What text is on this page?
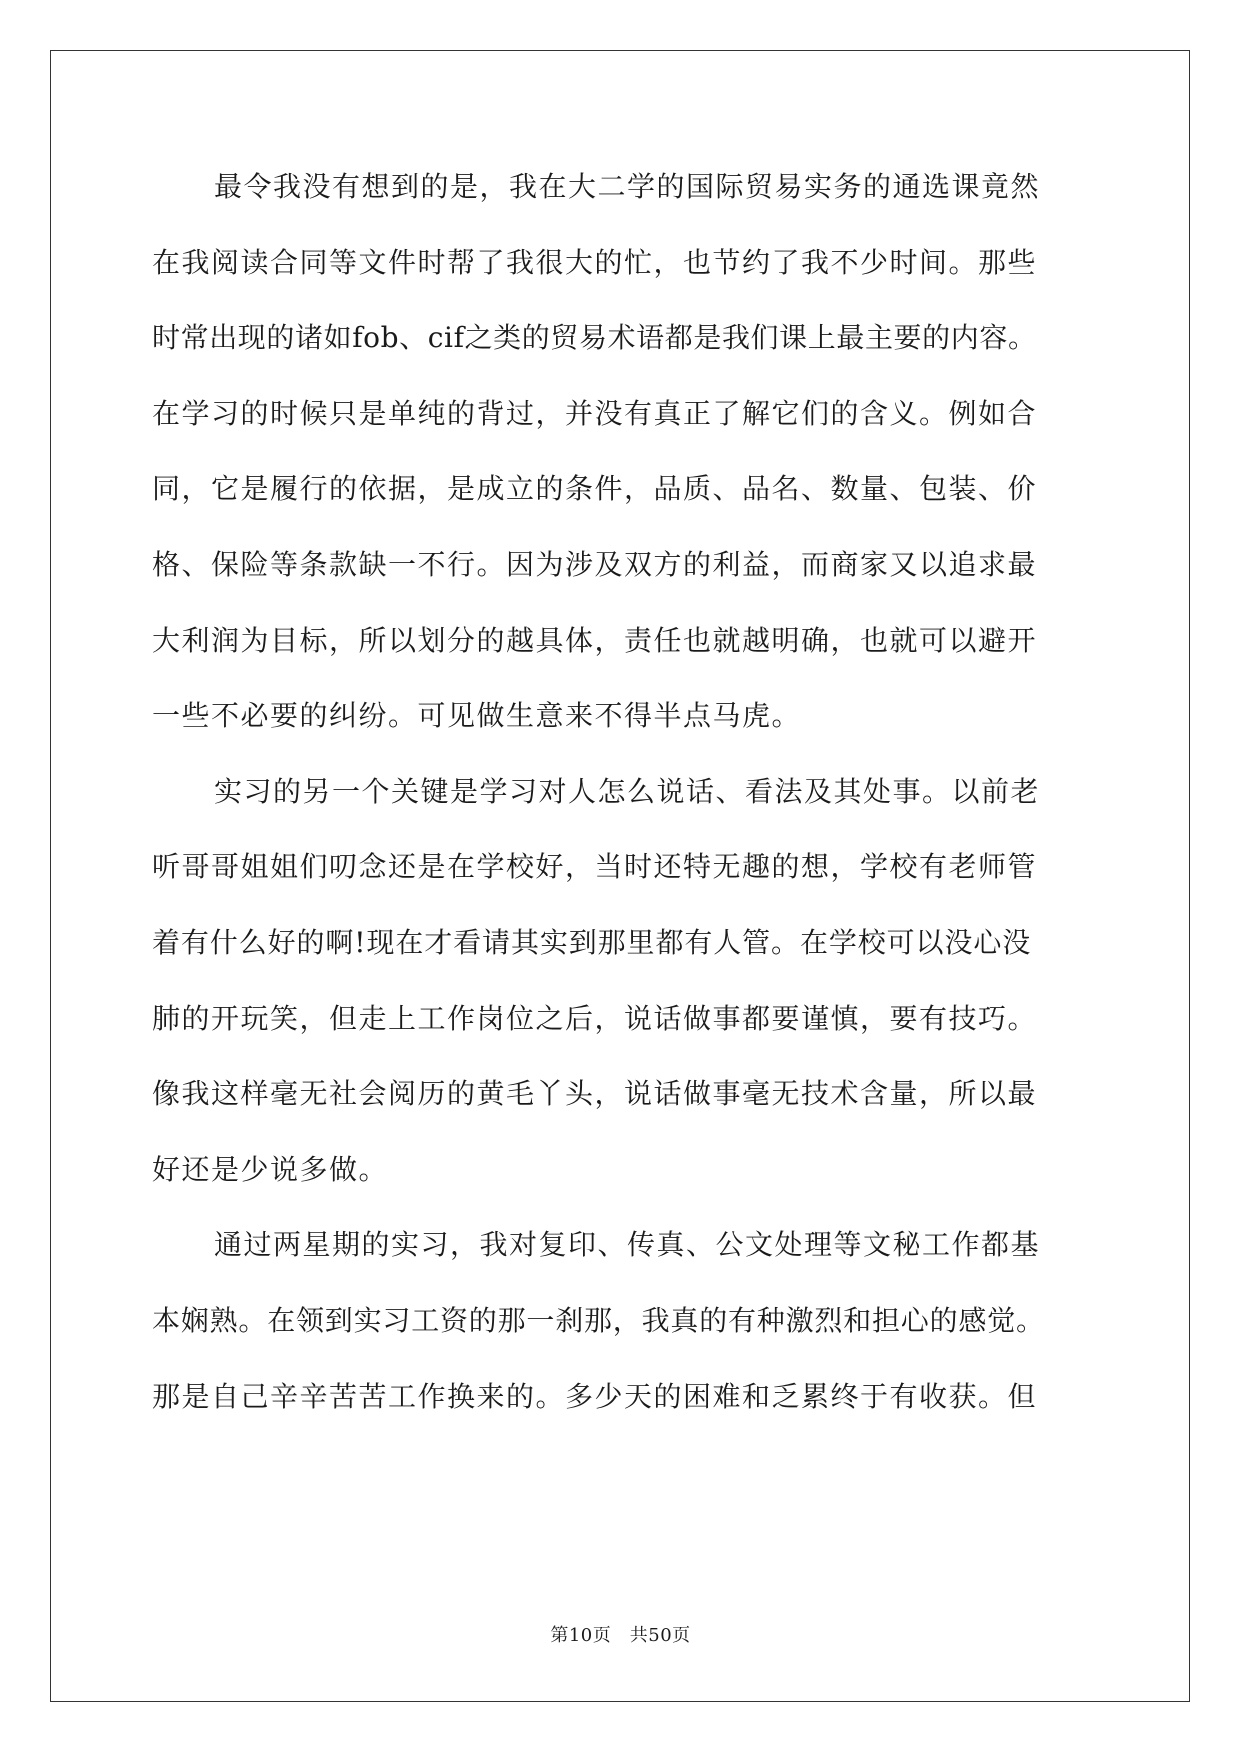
最令我没有想到的是，我在大二学的国际贸易实务的通选课竟然
在我阅读合同等文件时帮了我很大的忙，也节约了我不少时间。那些
时常出现的诸如fob、cif之类的贸易术语都是我们课上最主要的内容。
在学习的时候只是单纯的背过，并没有真正了解它们的含义。例如合
同，它是履行的依据，是成立的条件，品质、品名、数量、包装、价
格、保险等条款缺一不行。因为涉及双方的利益，而商家又以追求最
大利润为目标，所以划分的越具体，责任也就越明确，也就可以避开
一些不必要的纠纷。可见做生意来不得半点马虎。
实习的另一个关键是学习对人怎么说话、看法及其处事。以前老
听哥哥姐姐们叨念还是在学校好，当时还特无趣的想，学校有老师管
着有什么好的啊!现在才看请其实到那里都有人管。在学校可以没心没
肺的开玩笑，但走上工作岗位之后，说话做事都要谨慎，要有技巧。
像我这样毫无社会阅历的黄毛丫头，说话做事毫无技术含量，所以最
好还是少说多做。
通过两星期的实习，我对复印、传真、公文处理等文秘工作都基
本娴熟。在领到实习工资的那一刹那，我真的有种激烈和担心的感觉。
那是自己辛辛苦苦工作换来的。多少天的困难和乏累终于有收获。但
第10页　共50页
